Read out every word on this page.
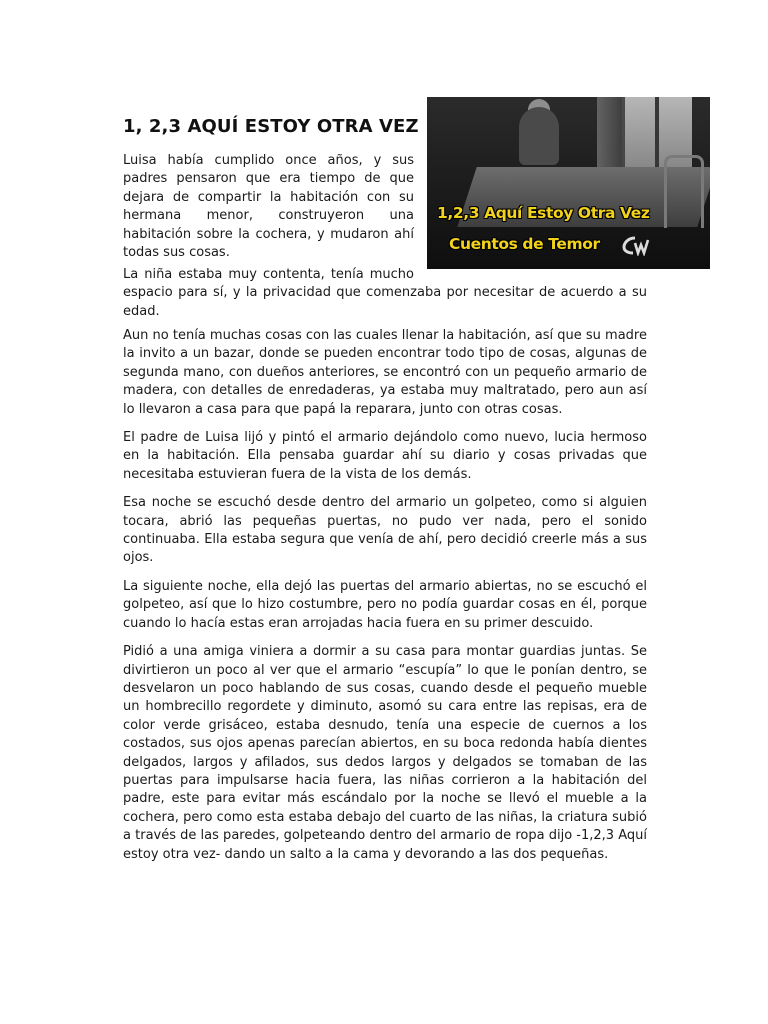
1, 2,3 AQUÍ ESTOY OTRA VEZ
1,2,3 Aquí Estoy Otra Vez
Cuentos de Temor

Luisa había cumplido once años, y sus padres pensaron que era tiempo de que dejara de compartir la habitación con su hermana menor, construyeron una habitación sobre la cochera, y mudaron ahí todas sus cosas.

La niña estaba muy contenta, tenía mucho
espacio para sí, y la privacidad que comenzaba por necesitar de acuerdo a su edad.

Aun no tenía muchas cosas con las cuales llenar la habitación, así que su madre la invito a un bazar, donde se pueden encontrar todo tipo de cosas, algunas de segunda mano, con dueños anteriores, se encontró con un pequeño armario de madera, con detalles de enredaderas, ya estaba muy maltratado, pero aun así lo llevaron a casa para que papá la reparara, junto con otras cosas.

El padre de Luisa lijó y pintó el armario dejándolo como nuevo, lucia hermoso en la habitación. Ella pensaba guardar ahí su diario y cosas privadas que necesitaba estuvieran fuera de la vista de los demás.

Esa noche se escuchó desde dentro del armario un golpeteo, como si alguien tocara, abrió las pequeñas puertas, no pudo ver nada, pero el sonido continuaba. Ella estaba segura que venía de ahí, pero decidió creerle más a sus ojos.

La siguiente noche, ella dejó las puertas del armario abiertas, no se escuchó el golpeteo, así que lo hizo costumbre, pero no podía guardar cosas en él, porque cuando lo hacía estas eran arrojadas hacia fuera en su primer descuido.

Pidió a una amiga viniera a dormir a su casa para montar guardias juntas. Se divirtieron un poco al ver que el armario “escupía” lo que le ponían dentro, se desvelaron un poco hablando de sus cosas, cuando desde el pequeño mueble un hombrecillo regordete y diminuto, asomó su cara entre las repisas, era de color verde grisáceo, estaba desnudo, tenía una especie de cuernos a los costados, sus ojos apenas parecían abiertos, en su boca redonda había dientes delgados, largos y afilados, sus dedos largos y delgados se tomaban de las puertas para impulsarse hacia fuera, las niñas corrieron a la habitación del padre, este para evitar más escándalo por la noche se llevó el mueble a la cochera, pero como esta estaba debajo del cuarto de las niñas, la criatura subió a través de las paredes, golpeteando dentro del armario de ropa dijo -1,2,3 Aquí estoy otra vez- dando un salto a la cama y devorando a las dos pequeñas.
